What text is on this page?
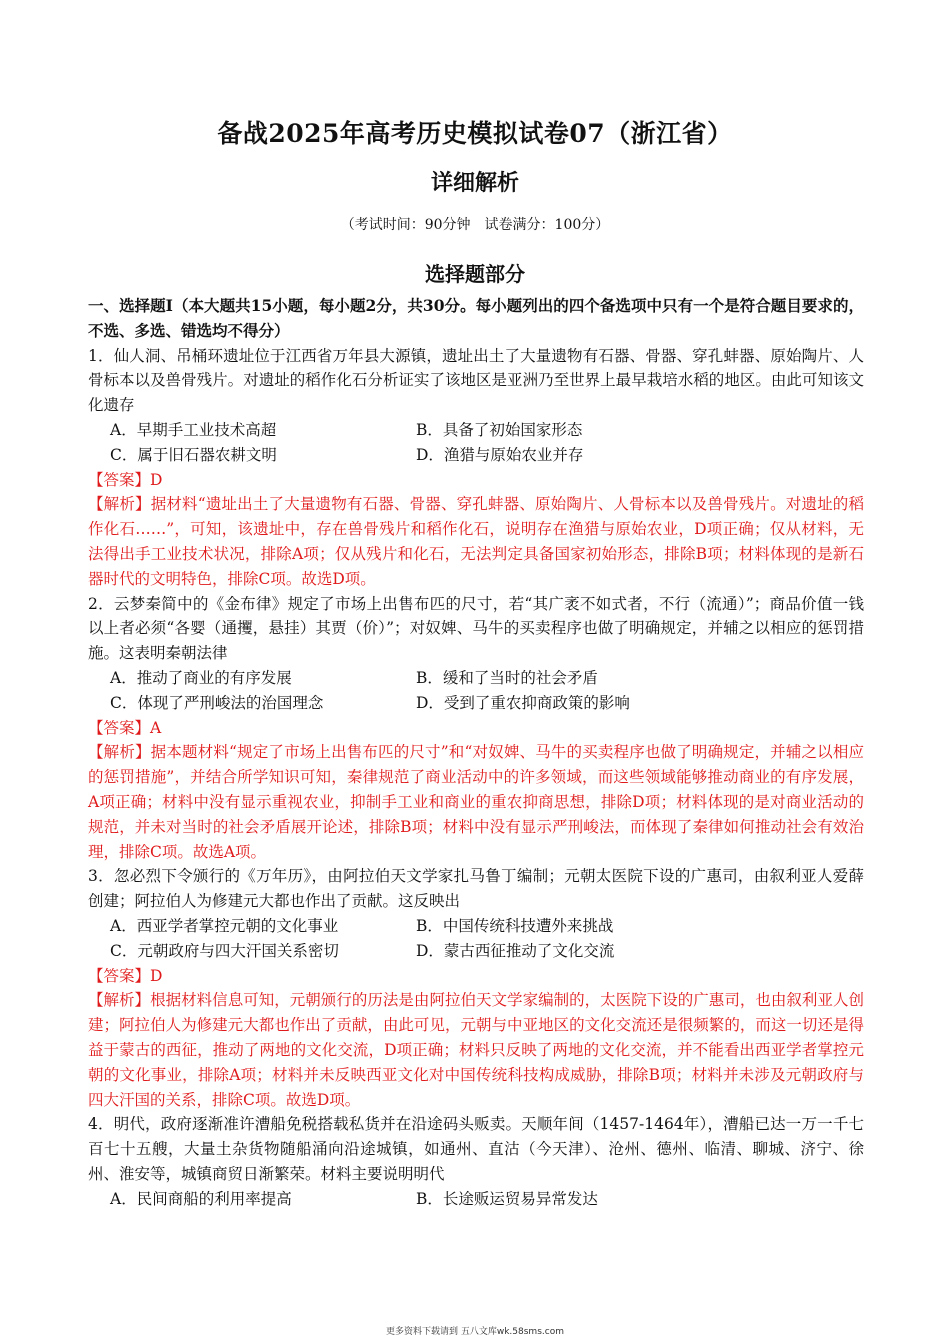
备战2025年高考历史模拟试卷07（浙江省）
详细解析
（考试时间：90分钟　试卷满分：100分）
选择题部分

一、选择题Ⅰ（本大题共15小题，每小题2分，共30分。每小题列出的四个备选项中只有一个是符合题目要求的，不选、多选、错选均不得分）

1．仙人洞、吊桶环遗址位于江西省万年县大源镇，遗址出土了大量遗物有石器、骨器、穿孔蚌器、原始陶片、人骨标本以及兽骨残片。对遗址的稻作化石分析证实了该地区是亚洲乃至世界上最早栽培水稻的地区。由此可知该文化遗存

A．早期手工业技术高超	B．具备了初始国家形态
C．属于旧石器农耕文明	D．渔猎与原始农业并存

【答案】D

【解析】据材料“遗址出土了大量遗物有石器、骨器、穿孔蚌器、原始陶片、人骨标本以及兽骨残片。对遗址的稻作化石……”，可知，该遗址中，存在兽骨残片和稻作化石，说明存在渔猎与原始农业，D项正确；仅从材料，无法得出手工业技术状况，排除A项；仅从残片和化石，无法判定具备国家初始形态，排除B项；材料体现的是新石器时代的文明特色，排除C项。故选D项。

2．云梦秦简中的《金布律》规定了市场上出售布匹的尺寸，若“其广袤不如式者，不行（流通）”；商品价值一钱以上者必须“各婴（通攫，悬挂）其贾（价）”；对奴婢、马牛的买卖程序也做了明确规定，并辅之以相应的惩罚措施。这表明秦朝法律

A．推动了商业的有序发展	B．缓和了当时的社会矛盾
C．体现了严刑峻法的治国理念	D．受到了重农抑商政策的影响

【答案】A

【解析】据本题材料“规定了市场上出售布匹的尺寸”和“对奴婢、马牛的买卖程序也做了明确规定，并辅之以相应的惩罚措施”，并结合所学知识可知，秦律规范了商业活动中的许多领域，而这些领域能够推动商业的有序发展，A项正确；材料中没有显示重视农业，抑制手工业和商业的重农抑商思想，排除D项；材料体现的是对商业活动的规范，并未对当时的社会矛盾展开论述，排除B项；材料中没有显示严刑峻法，而体现了秦律如何推动社会有效治理，排除C项。故选A项。

3．忽必烈下令颁行的《万年历》，由阿拉伯天文学家扎马鲁丁编制；元朝太医院下设的广惠司，由叙利亚人爱薛创建；阿拉伯人为修建元大都也作出了贡献。这反映出

A．西亚学者掌控元朝的文化事业	B．中国传统科技遭外来挑战
C．元朝政府与四大汗国关系密切	D．蒙古西征推动了文化交流

【答案】D

【解析】根据材料信息可知，元朝颁行的历法是由阿拉伯天文学家编制的，太医院下设的广惠司，也由叙利亚人创建；阿拉伯人为修建元大都也作出了贡献，由此可见，元朝与中亚地区的文化交流还是很频繁的，而这一切还是得益于蒙古的西征，推动了两地的文化交流，D项正确；材料只反映了两地的文化交流，并不能看出西亚学者掌控元朝的文化事业，排除A项；材料并未反映西亚文化对中国传统科技构成威胁，排除B项；材料并未涉及元朝政府与四大汗国的关系，排除C项。故选D项。

4．明代，政府逐渐准许漕船免税搭载私货并在沿途码头贩卖。天顺年间（1457-1464年），漕船已达一万一千七百七十五艘，大量土杂货物随船涌向沿途城镇，如通州、直沽（今天津）、沧州、德州、临清、聊城、济宁、徐州、淮安等，城镇商贸日渐繁荣。材料主要说明明代

A．民间商船的利用率提高	B．长途贩运贸易异常发达
更多资料下载请到 五八文库wk.58sms.com
